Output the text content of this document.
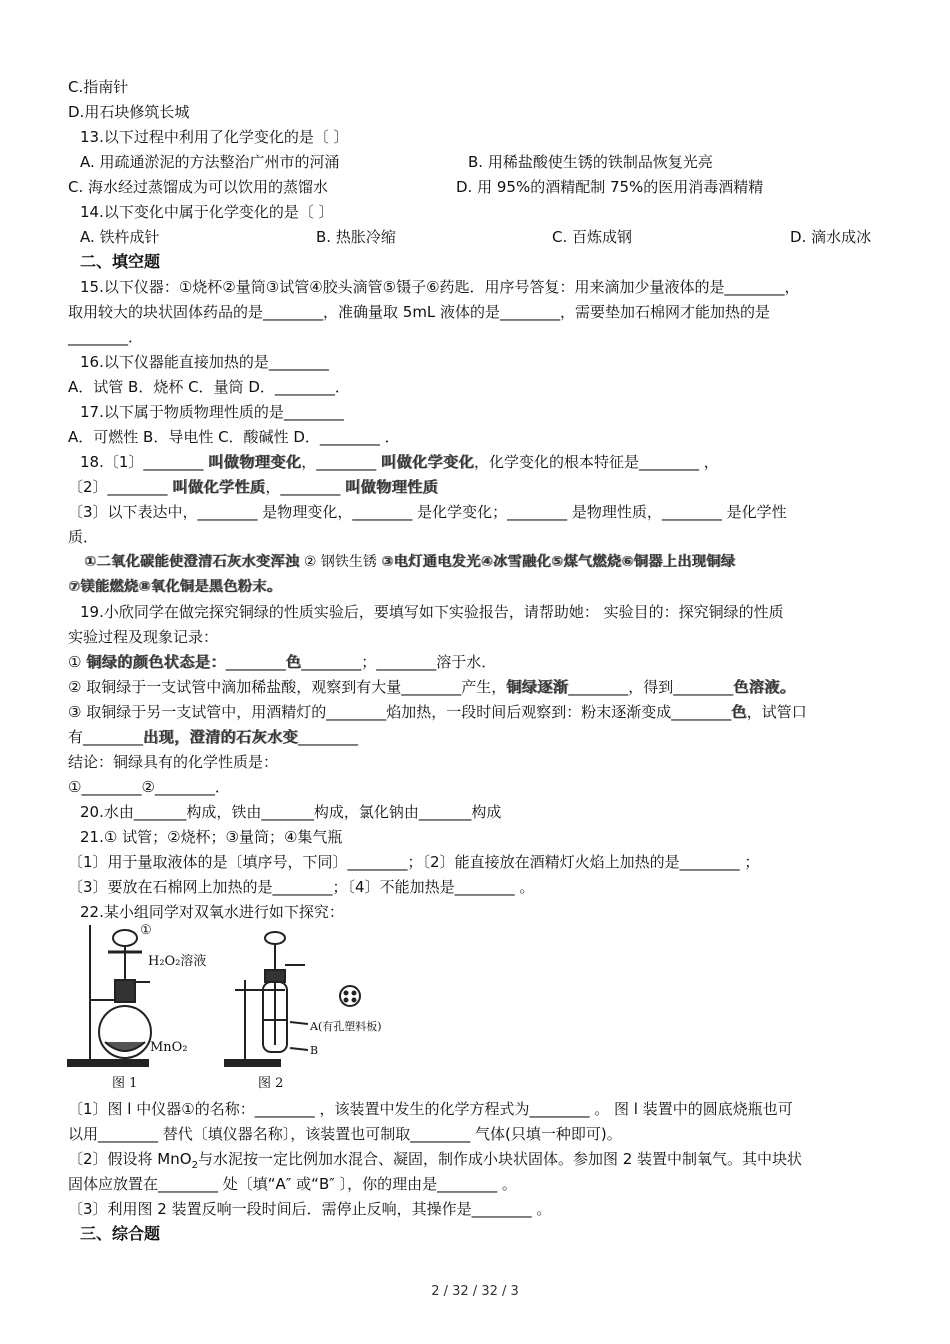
C.指南针
D.用石块修筑长城
13.以下过程中利用了化学变化的是〔 〕
A. 用疏通淤泥的方法整治广州市的河涌	B. 用稀盐酸使生锈的铁制品恢复光亮
C. 海水经过蒸馏成为可以饮用的蒸馏水	D. 用 95%的酒精配制 75%的医用消毒酒精精
14.以下变化中属于化学变化的是〔 〕
A. 铁杵成针	B. 热胀冷缩	C. 百炼成钢	D. 滴水成冰
二、填空题
15.以下仪器：①烧杯②量筒③试管④胶头滴管⑤镊子⑥药匙．用序号答复：用来滴加少量液体的是________，
取用较大的块状固体药品的是________，准确量取 5mL 液体的是________，需要垫加石棉网才能加热的是
________．
16.以下仪器能直接加热的是________
A．试管 B．烧杯 C．量筒 D．________．
17.以下属于物质物理性质的是________
A．可燃性 B．导电性 C．酸碱性 D．________ ．
18.〔1〕________ 叫做物理变化，________ 叫做化学变化，化学变化的根本特征是________ ，
〔2〕________ 叫做化学性质，________ 叫做物理性质
〔3〕以下表达中，________ 是物理变化，________ 是化学变化；________ 是物理性质，________ 是化学性
质．
①二氧化碳能使澄清石灰水变浑浊 ② 钢铁生锈 ③电灯通电发光④冰雪融化⑤煤气燃烧⑥铜器上出现铜绿
⑦镁能燃烧⑧氧化铜是黑色粉末。
19.小欣同学在做完探究铜绿的性质实验后，要填写如下实验报告，请帮助她： 实验目的：探究铜绿的性质
实验过程及现象记录：
① 铜绿的颜色状态是：________色________；________溶于水．
② 取铜绿于一支试管中滴加稀盐酸，观察到有大量________产生，铜绿逐渐________，得到________色溶液。
③ 取铜绿于另一支试管中，用酒精灯的________焰加热，一段时间后观察到：粉末逐渐变成________色，试管口
有________出现，澄清的石灰水变________
结论：铜绿具有的化学性质是：
①________②________．
20.水由_______构成，铁由_______构成，氯化钠由_______构成
21.① 试管；②烧杯；③量筒；④集气瓶
〔1〕用于量取液体的是〔填序号，下同〕________；〔2〕能直接放在酒精灯火焰上加热的是________ ；
〔3〕要放在石棉网上加热的是________；〔4〕不能加热是________ 。
22.某小组同学对双氧水进行如下探究：
①
H₂O₂溶液
MnO₂
A(有孔塑料板)
B
图 1	图 2
〔1〕图 l 中仪器①的名称：________ ，该装置中发生的化学方程式为________ 。 图 l 装置中的圆底烧瓶也可
以用________ 替代〔填仪器名称〕，该装置也可制取________ 气体(只填一种即可)。
〔2〕假设将 MnO$_2$与水泥按一定比例加水混合、凝固，制作成小块状固体。参加图 2 装置中制氧气。其中块状
固体应放置在________ 处〔填“A″ 或“B″ 〕，你的理由是________ 。
〔3〕利用图 2 装置反响一段时间后．需停止反响，其操作是________ 。
三、综合题
2 / 32 / 32 / 3
